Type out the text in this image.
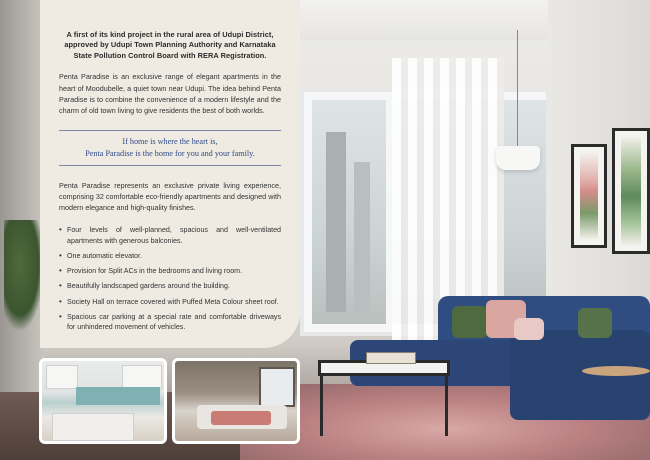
A first of its kind project in the rural area of Udupi District, approved by Udupi Town Planning Authority and Karnataka State Pollution Control Board with RERA Registration.

Penta Paradise is an exclusive range of elegant apartments in the heart of Moodubelle, a quiet town near Udupi. The idea behind Penta Paradise is to combine the convenience of a modern lifestyle and the charm of old town living to give residents the best of both worlds.

If home is where the heart is,
Penta Paradise is the home for you and your family.

Penta Paradise represents an exclusive private living experience, comprising 32 comfortable eco-friendly apartments and designed with modern elegance and high-quality finishes.

• Four levels of well-planned, spacious and well-ventilated apartments with generous balconies.
• One automatic elevator.
• Provision for Split ACs in the bedrooms and living room.
• Beautifully landscaped gardens around the building.
• Society Hall on terrace covered with Puffed Meta Colour sheet roof.
• Spacious car parking at a special rate and comfortable driveways for unhindered movement of vehicles.
